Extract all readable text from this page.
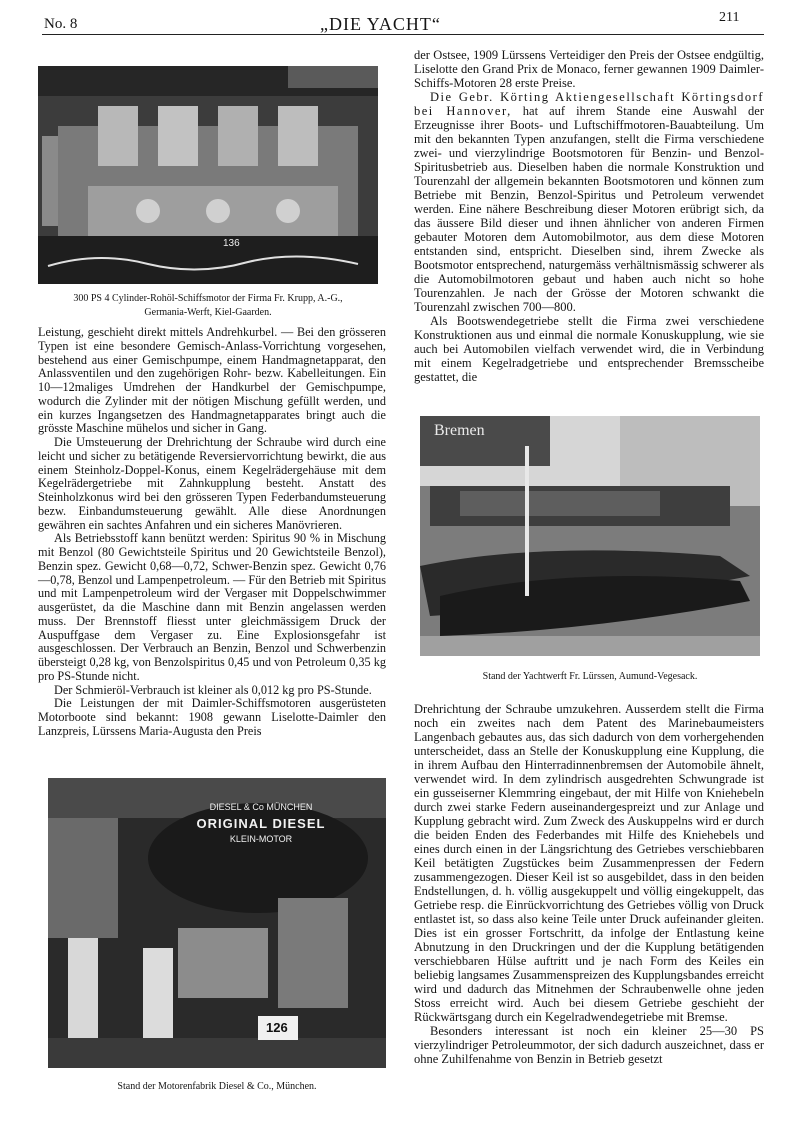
No. 8	„DIE YACHT“	211
136
300 PS 4 Cylinder-Rohöl-Schiffsmotor der Firma Fr. Krupp, A.-G.,
Germania-Werft, Kiel-Gaarden.

Leistung, geschieht direkt mittels Andrehkurbel. — Bei den grösseren Typen ist eine besondere Gemisch-Anlass-Vorrichtung vorgesehen, bestehend aus einer Gemischpumpe, einem Handmagnetapparat, den Anlassventilen und den zugehörigen Rohr- bezw. Kabelleitungen. Ein 10—12maliges Umdrehen der Handkurbel der Gemischpumpe, wodurch die Zylinder mit der nötigen Mischung gefüllt werden, und ein kurzes Ingangsetzen des Handmagnetapparates bringt auch die grösste Maschine mühelos und sicher in Gang.

Die Umsteuerung der Drehrichtung der Schraube wird durch eine leicht und sicher zu betätigende Reversiervorrichtung bewirkt, die aus einem Steinholz-Doppel-Konus, einem Kegelrädergehäuse mit dem Kegelrädergetriebe mit Zahnkupplung besteht. Anstatt des Steinholzkonus wird bei den grösseren Typen Federbandumsteuerung bezw. Einbandumsteuerung gewählt. Alle diese Anordnungen gewähren ein sachtes Anfahren und ein sicheres Manövrieren.

Als Betriebsstoff kann benützt werden: Spiritus 90 % in Mischung mit Benzol (80 Gewichtsteile Spiritus und 20 Gewichtsteile Benzol), Benzin spez. Gewicht 0,68—0,72, Schwer-Benzin spez. Gewicht 0,76—0,78, Benzol und Lampenpetroleum. — Für den Betrieb mit Spiritus und mit Lampenpetroleum wird der Vergaser mit Doppelschwimmer ausgerüstet, da die Maschine dann mit Benzin angelassen werden muss. Der Brennstoff fliesst unter gleichmässigem Druck der Auspuffgase dem Vergaser zu. Eine Explosionsgefahr ist ausgeschlossen. Der Verbrauch an Benzin, Benzol und Schwerbenzin übersteigt 0,28 kg, von Benzolspiritus 0,45 und von Petroleum 0,35 kg pro PS-Stunde nicht.

Der Schmieröl-Verbrauch ist kleiner als 0,012 kg pro PS-Stunde.

Die Leistungen der mit Daimler-Schiffsmotoren ausgerüsteten Motorboote sind bekannt: 1908 gewann Liselotte-Daimler den Lanzpreis, Lürssens Maria-Augusta den Preis

DIESEL & Co MÜNCHEN
ORIGINAL DIESEL
KLEIN-MOTOR
126
Stand der Motorenfabrik Diesel & Co., München.

der Ostsee, 1909 Lürssens Verteidiger den Preis der Ostsee endgültig, Liselotte den Grand Prix de Monaco, ferner gewannen 1909 Daimler-Schiffs-Motoren 28 erste Preise.

Die Gebr. Körting Aktiengesellschaft Körtingsdorf bei Hannover, hat auf ihrem Stande eine Auswahl der Erzeugnisse ihrer Boots- und Luftschiffmotoren-Bauabteilung. Um mit den bekannten Typen anzufangen, stellt die Firma verschiedene zwei- und vierzylindrige Bootsmotoren für Benzin- und Benzol-Spiritusbetrieb aus. Dieselben haben die normale Konstruktion und Tourenzahl der allgemein bekannten Bootsmotoren und können zum Betriebe mit Benzin, Benzol-Spiritus und Petroleum verwendet werden. Eine nähere Beschreibung dieser Motoren erübrigt sich, da das äussere Bild dieser und ihnen ähnlicher von anderen Firmen gebauter Motoren dem Automobilmotor, aus dem diese Motoren entstanden sind, entspricht. Dieselben sind, ihrem Zwecke als Bootsmotor entsprechend, naturgemäss verhältnismässig schwerer als die Automobilmotoren gebaut und haben auch nicht so hohe Tourenzahlen. Je nach der Grösse der Motoren schwankt die Tourenzahl zwischen 700—800.

Als Bootswendegetriebe stellt die Firma zwei verschiedene Konstruktionen aus und einmal die normale Konuskupplung, wie sie auch bei Automobilen vielfach verwendet wird, die in Verbindung mit einem Kegelradgetriebe und entsprechender Bremsscheibe gestattet, die

Bremen
Stand der Yachtwerft Fr. Lürssen, Aumund-Vegesack.

Drehrichtung der Schraube umzukehren. Ausserdem stellt die Firma noch ein zweites nach dem Patent des Marinebaumeisters Langenbach gebautes aus, das sich dadurch von dem vorhergehenden unterscheidet, dass an Stelle der Konuskupplung eine Kupplung, die in ihrem Aufbau den Hinterradinnenbremsen der Automobile ähnelt, verwendet wird. In dem zylindrisch ausgedrehten Schwungrade ist ein gusseiserner Klemmring eingebaut, der mit Hilfe von Kniehebeln durch zwei starke Federn auseinandergespreizt und zur Anlage und Kupplung gebracht wird. Zum Zweck des Auskuppelns wird er durch die beiden Enden des Federbandes mit Hilfe des Kniehebels und eines durch einen in der Längsrichtung des Getriebes verschiebbaren Keil betätigten Zugstückes beim Zusammenpressen der Federn zusammengezogen. Dieser Keil ist so ausgebildet, dass in den beiden Endstellungen, d. h. völlig ausgekuppelt und völlig eingekuppelt, das Getriebe resp. die Einrückvorrichtung des Getriebes völlig von Druck entlastet ist, so dass also keine Teile unter Druck aufeinander gleiten. Dies ist ein grosser Fortschritt, da infolge der Entlastung keine Abnutzung in den Druckringen und der die Kupplung betätigenden verschiebbaren Hülse auftritt und je nach Form des Keiles ein beliebig langsames Zusammenspreizen des Kupplungsbandes erreicht wird und dadurch das Mitnehmen der Schraubenwelle ohne jeden Stoss erreicht wird. Auch bei diesem Getriebe geschieht der Rückwärtsgang durch ein Kegelradwendegetriebe mit Bremse.

Besonders interessant ist noch ein kleiner 25—30 PS vierzylindriger Petroleummotor, der sich dadurch auszeichnet, dass er ohne Zuhilfenahme von Benzin in Betrieb gesetzt
